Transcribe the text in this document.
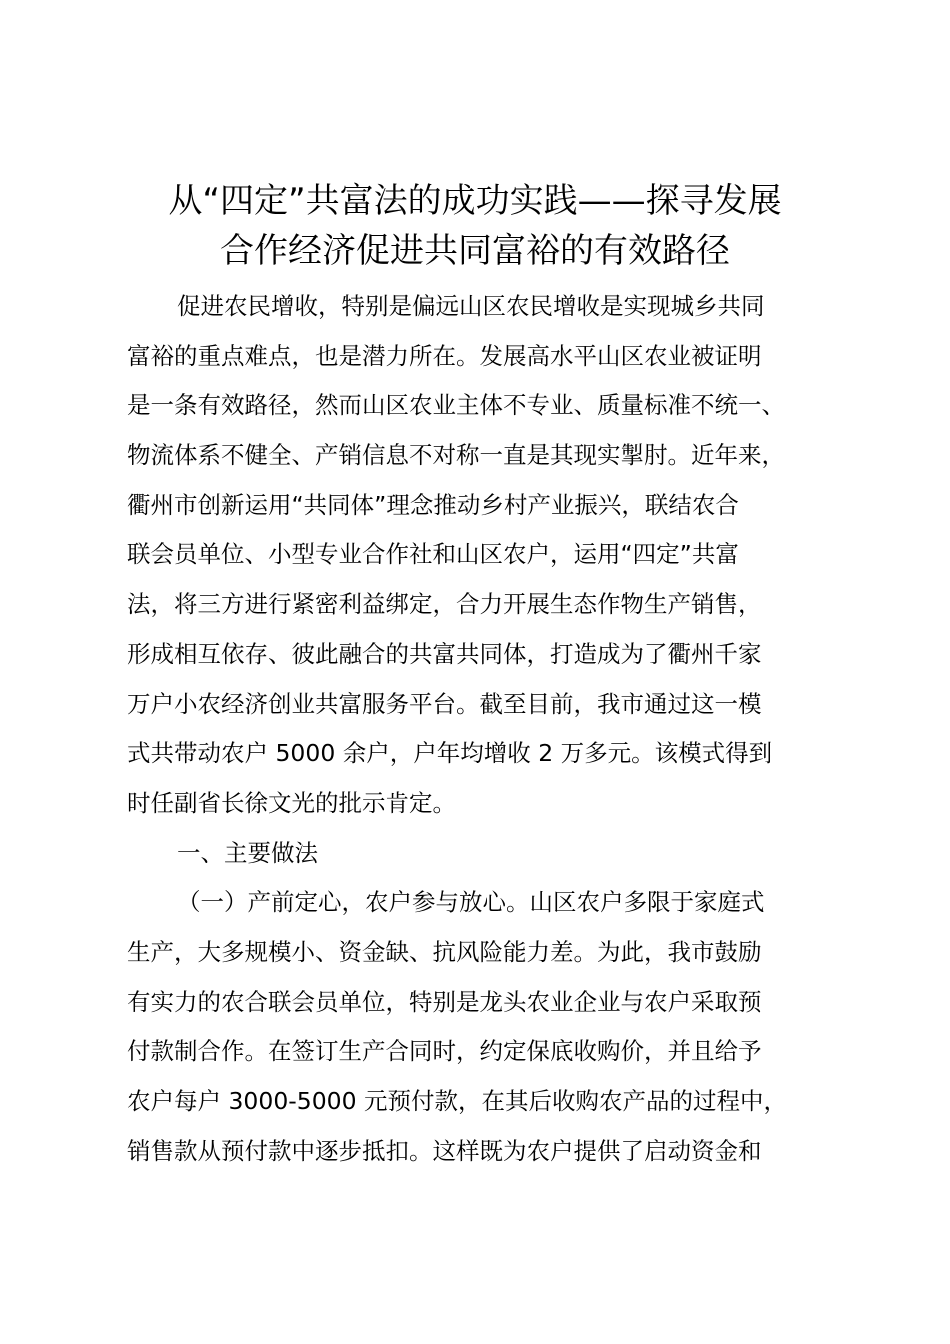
从“四定”共富法的成功实践——探寻发展
合作经济促进共同富裕的有效路径
促进农民增收，特别是偏远山区农民增收是实现城乡共同
富裕的重点难点，也是潜力所在。发展高水平山区农业被证明
是一条有效路径，然而山区农业主体不专业、质量标准不统一、
物流体系不健全、产销信息不对称一直是其现实掣肘。近年来，
衢州市创新运用“共同体”理念推动乡村产业振兴，联结农合
联会员单位、小型专业合作社和山区农户，运用“四定”共富
法，将三方进行紧密利益绑定，合力开展生态作物生产销售，
形成相互依存、彼此融合的共富共同体，打造成为了衢州千家
万户小农经济创业共富服务平台。截至目前，我市通过这一模
式共带动农户 5000 余户，户年均增收 2 万多元。该模式得到
时任副省长徐文光的批示肯定。
一、主要做法
（一）产前定心，农户参与放心。山区农户多限于家庭式
生产，大多规模小、资金缺、抗风险能力差。为此，我市鼓励
有实力的农合联会员单位，特别是龙头农业企业与农户采取预
付款制合作。在签订生产合同时，约定保底收购价，并且给予
农户每户 3000-5000 元预付款，在其后收购农产品的过程中，
销售款从预付款中逐步抵扣。这样既为农户提供了启动资金和
